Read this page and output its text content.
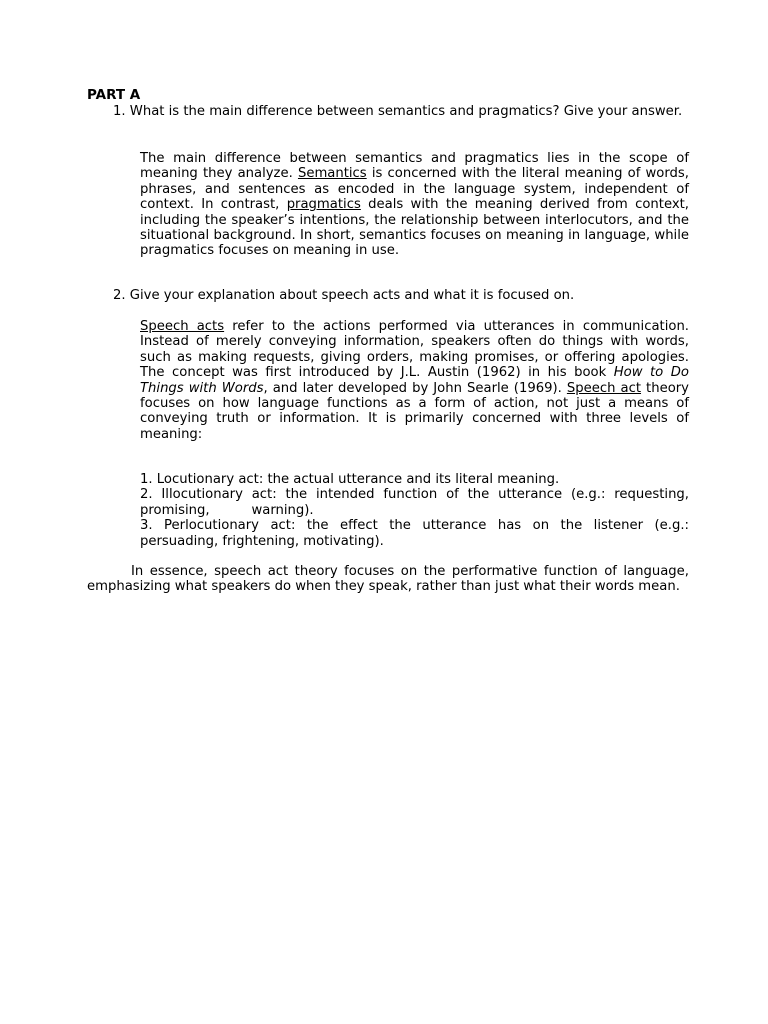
PART A
1. What is the main difference between semantics and pragmatics? Give your answer.
The main difference between semantics and pragmatics lies in the scope of meaning they analyze. Semantics is concerned with the literal meaning of words, phrases, and sentences as encoded in the language system, independent of context. In contrast, pragmatics deals with the meaning derived from context, including the speaker’s intentions, the relationship between interlocutors, and the situational background. In short, semantics focuses on meaning in language, while pragmatics focuses on meaning in use.
2. Give your explanation about speech acts and what it is focused on.
Speech acts refer to the actions performed via utterances in communication. Instead of merely conveying information, speakers often do things with words, such as making requests, giving orders, making promises, or offering apologies. The concept was first introduced by J.L. Austin (1962) in his book How to Do Things with Words, and later developed by John Searle (1969). Speech act theory focuses on how language functions as a form of action, not just a means of conveying truth or information. It is primarily concerned with three levels of meaning:
1. Locutionary act: the actual utterance and its literal meaning.
2. Illocutionary act: the intended function of the utterance (e.g.: requesting, promising,          warning).
3. Perlocutionary act: the effect the utterance has on the listener (e.g.: persuading, frightening, motivating).
In essence, speech act theory focuses on the performative function of language, emphasizing what speakers do when they speak, rather than just what their words mean.
